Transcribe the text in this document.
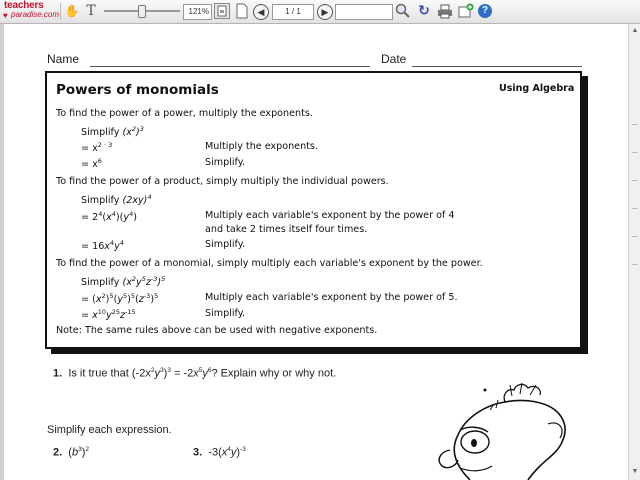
teachers
♥ paradise.com ✋ T	121%	◀	1 / 1	▶	↻	?
▲
▼
Name	Date
Powers of monomials	Using Algebra
To find the power of a power, multiply the exponents.
Simplify $(x^2)^3$
= $x^{2 \cdot 3}$	Multiply the exponents.
= $x^6$	Simplify.
To find the power of a product, simply multiply the individual powers.
Simplify $(2xy)^4$
= $2^4(x^4)(y^4)$	Multiply each variable's exponent by the power of 4
and take 2 times itself four times.
= $16x^4y^4$	Simplify.
To find the power of a monomial, simply multiply each variable's exponent by the power.
Simplify $(x^2y^5z^{-3})^5$
= $(x^2)^5(y^5)^5(z^{-3})^5$	Multiply each variable's exponent by the power of 5.
= $x^{10}y^{25}z^{-15}$	Simplify.
Note: The same rules above can be used with negative exponents.
1. Is it true that $(-2x^2y^3)^3 = -2x^5y^6$? Explain why or why not.
Simplify each expression.
2.  $(b^3)^2$	3.  $-3(x^4y)^{-3}$
